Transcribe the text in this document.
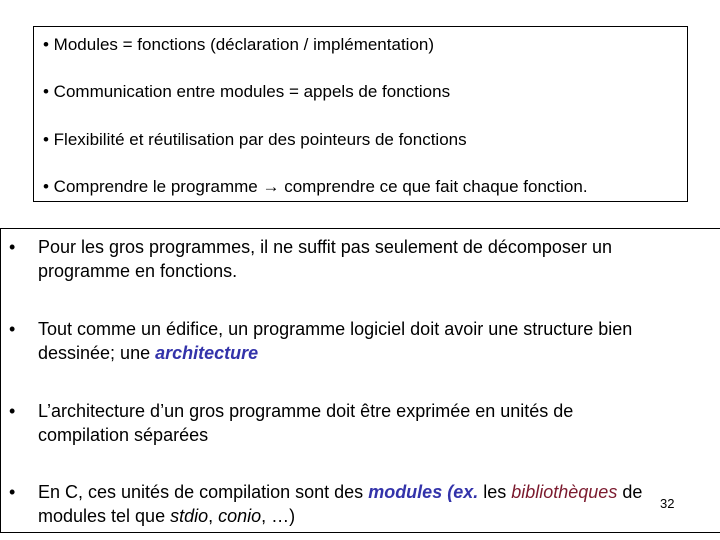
• Modules = fonctions (déclaration / implémentation)
• Communication entre modules = appels de fonctions
• Flexibilité et réutilisation par des pointeurs de fonctions
• Comprendre le programme → comprendre ce que fait chaque fonction.
• Pour les gros programmes, il ne suffit pas seulement de décomposer un
programme en fonctions.
• Tout comme un édifice, un programme logiciel doit avoir une structure bien
dessinée; une architecture
• L’architecture d’un gros programme doit être exprimée en unités de
compilation séparées
• En C, ces unités de compilation sont des modules (ex. les bibliothèques de
modules tel que stdio, conio, …)
32
